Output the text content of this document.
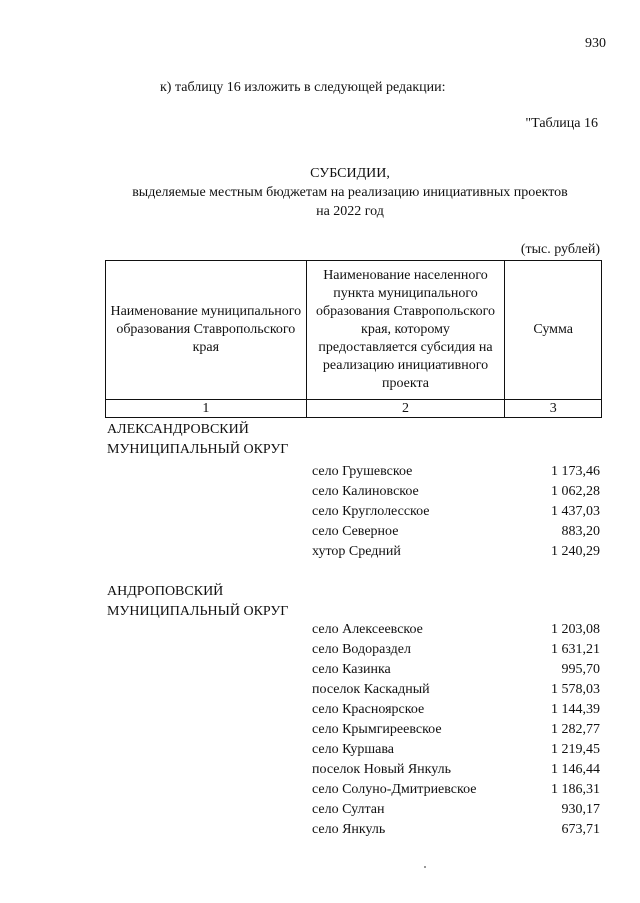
930
к) таблицу 16 изложить в следующей редакции:
"Таблица 16
СУБСИДИИ,
выделяемые местным бюджетам на реализацию инициативных проектов
на 2022 год
(тыс. рублей)
Наименование муниципального образования Ставропольского края	Наименование населенного пункта муниципального образования Ставропольского края, которому предоставляется субсидия на реализацию инициативного проекта	Сумма
1	2	3
АЛЕКСАНДРОВСКИЙ
МУНИЦИПАЛЬНЫЙ ОКРУГ
село Грушевское	1 173,46
село Калиновское	1 062,28
село Круглолесское	1 437,03
село Северное	883,20
хутор Средний	1 240,29
АНДРОПОВСКИЙ
МУНИЦИПАЛЬНЫЙ ОКРУГ
село Алексеевское	1 203,08
село Водораздел	1 631,21
село Казинка	995,70
поселок Каскадный	1 578,03
село Красноярское	1 144,39
село Крымгиреевское	1 282,77
село Куршава	1 219,45
поселок Новый Янкуль	1 146,44
село Солуно-Дмитриевское	1 186,31
село Султан	930,17
село Янкуль	673,71
